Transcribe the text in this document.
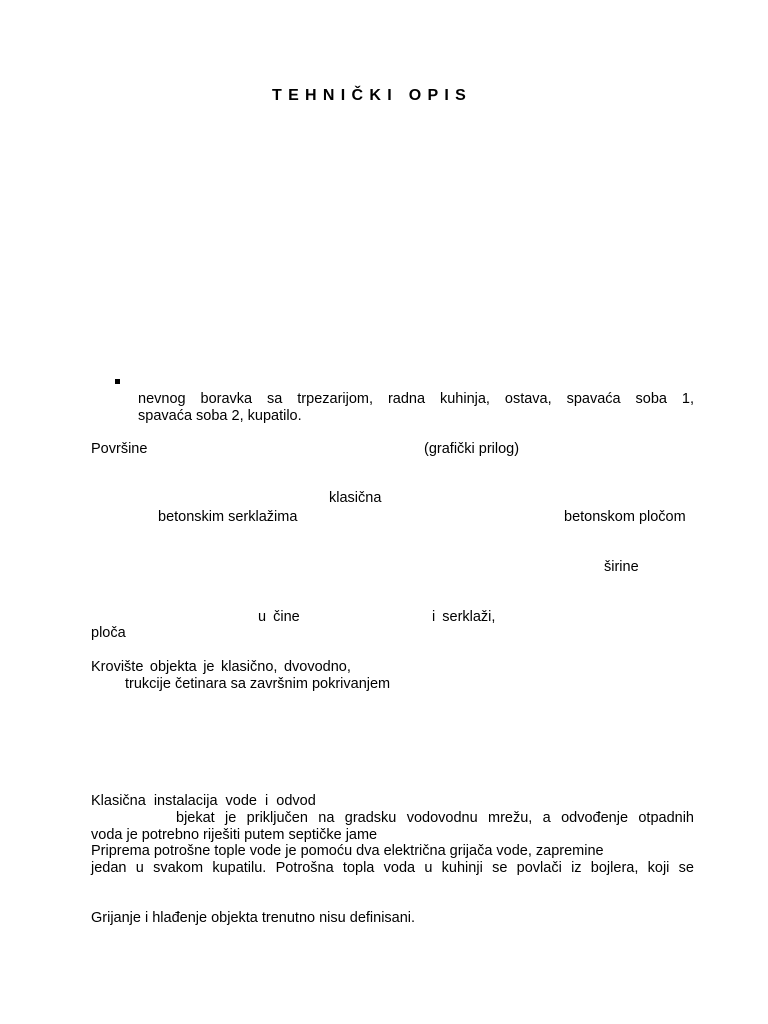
TEHNIČKI OPIS
nevnog boravka sa trpezarijom, radna kuhinja, ostava, spavaća soba 1,
spavaća soba 2, kupatilo.
Površine	(grafički prilog)
klasična
betonskim serklažima	betonskom pločom
širine
u čine	i serklaži,
ploča
Krovište objekta je klasično, dvovodno,
trukcije četinara sa završnim pokrivanjem
Klasična instalacija vode i odvod
bjekat je priključen na gradsku vodovodnu mrežu, a odvođenje otpadnih
voda je potrebno riješiti putem septičke jame
Priprema potrošne tople vode je pomoću dva električna grijača vode, zapremine
jedan u svakom kupatilu. Potrošna topla voda u kuhinji se povlači iz bojlera, koji se
Grijanje i hlađenje objekta trenutno nisu definisani.
